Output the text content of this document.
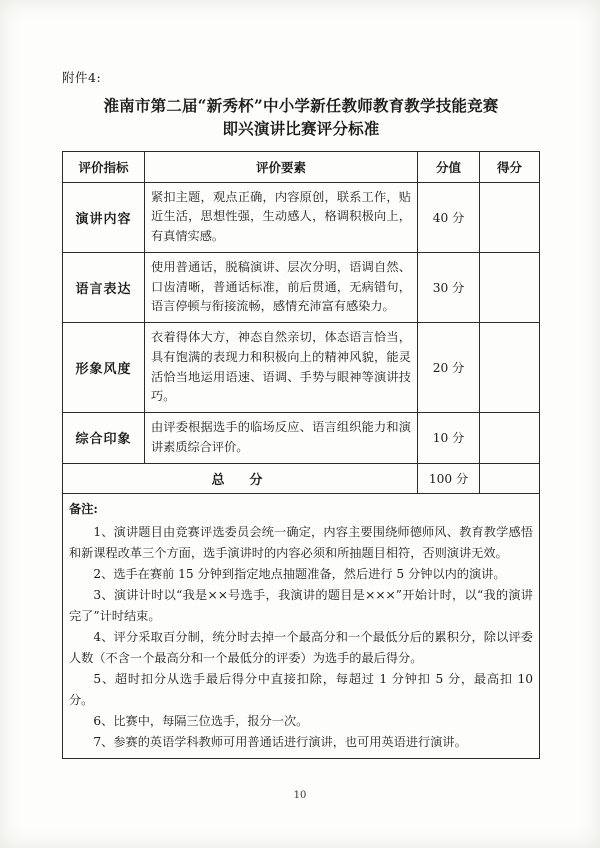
附件4:
淮南市第二届“新秀杯”中小学新任教师教育教学技能竞赛
即兴演讲比赛评分标准
评价指标	评价要素	分值	得分
演讲内容	紧扣主题，观点正确，内容原创，联系工作，贴近生活，思想性强，生动感人，格调积极向上，有真情实感。	40 分	
语言表达	使用普通话，脱稿演讲、层次分明，语调自然、口齿清晰，普通话标准，前后贯通，无病错句，语言停顿与衔接流畅，感情充沛富有感染力。	30 分	
形象风度	衣着得体大方，神态自然亲切，体态语言恰当，具有饱满的表现力和积极向上的精神风貌，能灵活恰当地运用语速、语调、手势与眼神等演讲技巧。	20 分	
综合印象	由评委根据选手的临场反应、语言组织能力和演讲素质综合评价。	10 分	
总　分		100 分	

备注:

1、演讲题目由竞赛评选委员会统一确定，内容主要围绕师德师风、教育教学感悟和新课程改革三个方面，选手演讲时的内容必须和所抽题目相符，否则演讲无效。

2、选手在赛前 15 分钟到指定地点抽题准备，然后进行 5 分钟以内的演讲。

3、演讲计时以“我是××号选手，我演讲的题目是×××”开始计时，以“我的演讲完了”计时结束。

4、评分采取百分制，统分时去掉一个最高分和一个最低分后的累积分，除以评委人数（不含一个最高分和一个最低分的评委）为选手的最后得分。

5、超时扣分从选手最后得分中直接扣除，每超过 1 分钟扣 5 分，最高扣 10 分。

6、比赛中，每隔三位选手，报分一次。

7、参赛的英语学科教师可用普通话进行演讲，也可用英语进行演讲。

10
